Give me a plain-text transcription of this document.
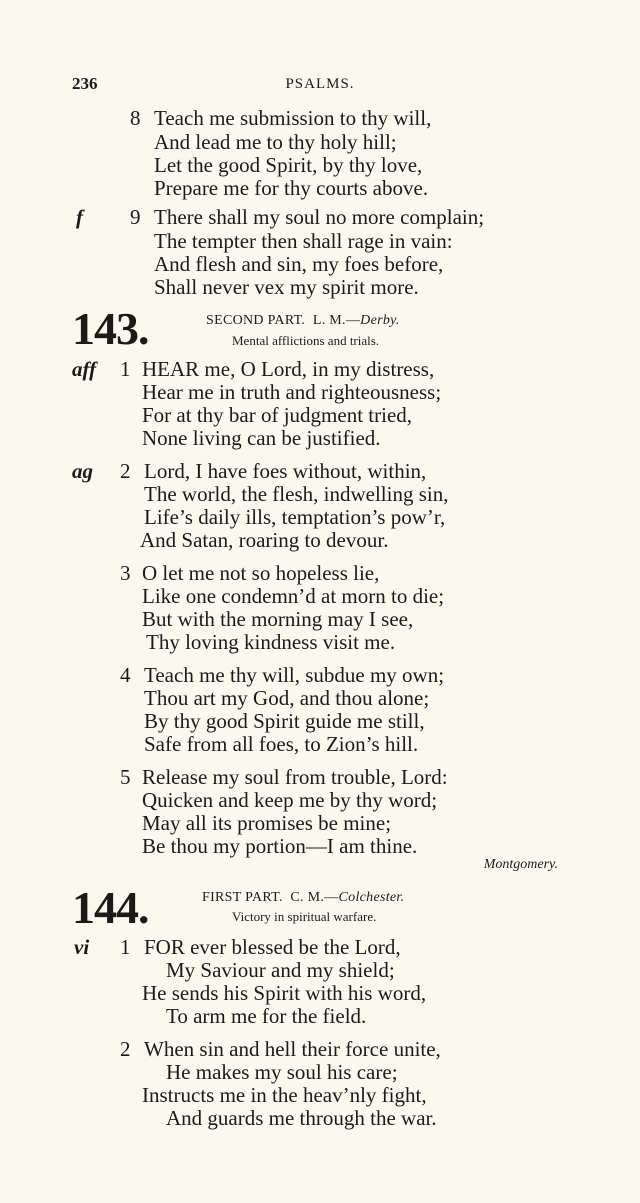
236	PSALMS.
8 Teach me submission to thy will,
And lead me to thy holy hill;
Let the good Spirit, by thy love,
Prepare me for thy courts above.
f 9 There shall my soul no more complain;
The tempter then shall rage in vain:
And flesh and sin, my foes before,
Shall never vex my spirit more.
143.	SECOND PART. L. M.—Derby.
Mental afflictions and trials.
aff 1 HEAR me, O Lord, in my distress,
Hear me in truth and righteousness;
For at thy bar of judgment tried,
None living can be justified.
ag 2 Lord, I have foes without, within,
The world, the flesh, indwelling sin,
Life’s daily ills, temptation’s pow’r,
And Satan, roaring to devour.
3 O let me not so hopeless lie,
Like one condemn’d at morn to die;
But with the morning may I see,
Thy loving kindness visit me.
4 Teach me thy will, subdue my own;
Thou art my God, and thou alone;
By thy good Spirit guide me still,
Safe from all foes, to Zion’s hill.
5 Release my soul from trouble, Lord:
Quicken and keep me by thy word;
May all its promises be mine;
Be thou my portion—I am thine.
Montgomery.
144.	FIRST PART. C. M.—Colchester.
Victory in spiritual warfare.
vi 1 FOR ever blessed be the Lord,
My Saviour and my shield;
He sends his Spirit with his word,
To arm me for the field.
2 When sin and hell their force unite,
He makes my soul his care;
Instructs me in the heav’nly fight,
And guards me through the war.
